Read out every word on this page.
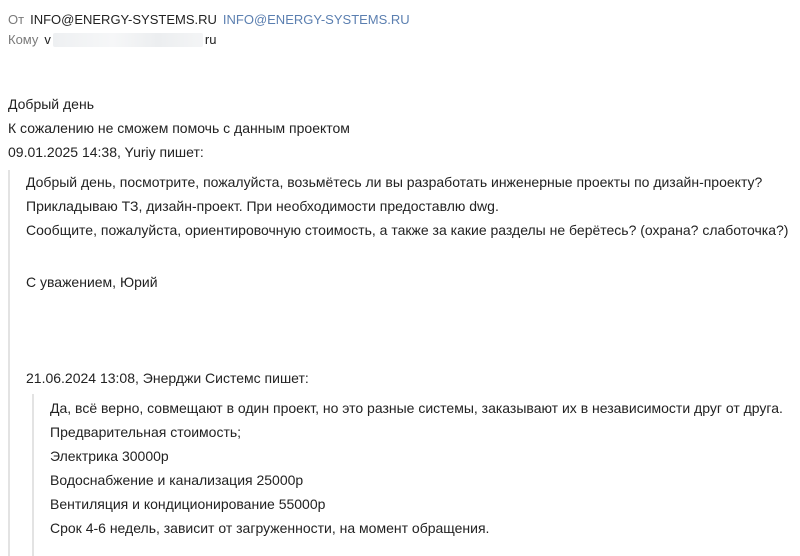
От INFO@ENERGY-SYSTEMS.RU INFO@ENERGY-SYSTEMS.RU
Кому v	ru

Добрый день

К сожалению не сможем помочь с данным проектом

09.01.2025 14:38, Yuriy пишет:

Добрый день, посмотрите, пожалуйста, возьмётесь ли вы разработать инженерные проекты по дизайн-проекту?

Прикладываю ТЗ, дизайн-проект. При необходимости предоставлю dwg.

Сообщите, пожалуйста, ориентировочную стоимость, а также за какие разделы не берётесь? (охрана? слаботочка?)

С уважением, Юрий

21.06.2024 13:08, Энерджи Системс пишет:

Да, всё верно, совмещают в один проект, но это разные системы, заказывают их в независимости друг от друга.

Предварительная стоимость;

Электрика 30000р

Водоснабжение и канализация 25000р

Вентиляция и кондиционирование 55000р

Срок 4-6 недель, зависит от загруженности, на момент обращения.
